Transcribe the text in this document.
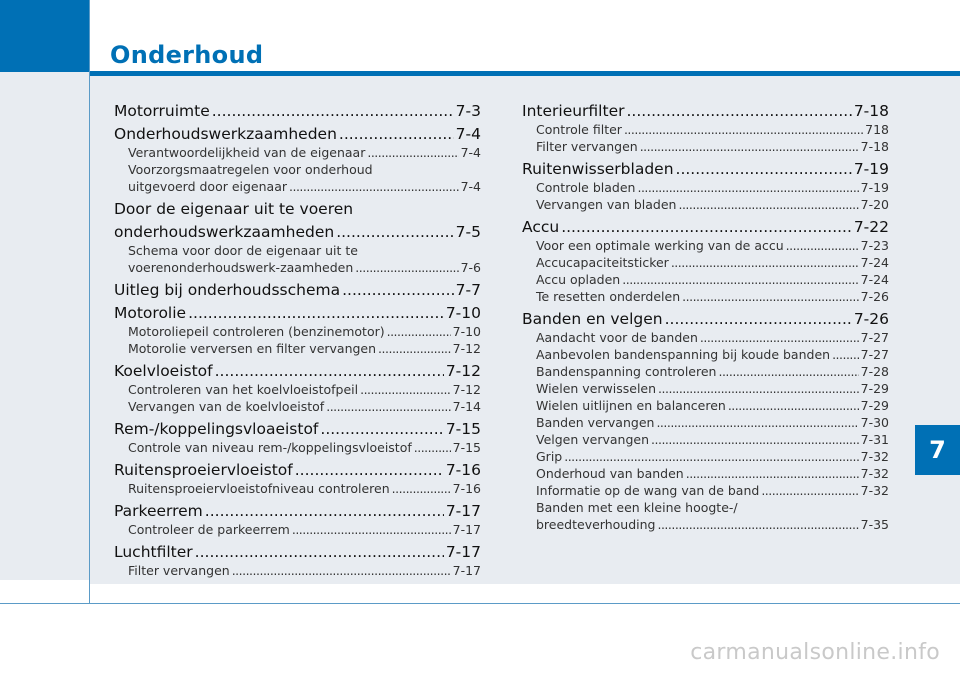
Onderhoud
Motorruimte .....	7-3
Onderhoudswerkzaamheden .....	7-4
Verantwoordelijkheid van de eigenaar .....	7-4
Voorzorgsmaatregelen voor onderhoud
uitgevoerd door eigenaar .....	7-4
Door de eigenaar uit te voeren
onderhoudswerkzaamheden .....	7-5
Schema voor door de eigenaar uit te
voerenonderhoudswerk-zaamheden .....	7-6
Uitleg bij onderhoudsschema .....	7-7
Motorolie .....	7-10
Motoroliepeil controleren (benzinemotor) .....	7-10
Motorolie verversen en filter vervangen .....	7-12
Koelvloeistof .....	7-12
Controleren van het koelvloeistofpeil .....	7-12
Vervangen van de koelvloeistof .....	7-14
Rem-/koppelingsvloaeistof .....	7-15
Controle van niveau rem-/koppelingsvloeistof .....	7-15
Ruitensproeiervloeistof .....	7-16
Ruitensproeiervloeistofniveau controleren .....	7-16
Parkeerrem .....	7-17
Controleer de parkeerrem .....	7-17
Luchtfilter .....	7-17
Filter vervangen .....	7-17
Interieurfilter .....	7-18
Controle filter .....	718
Filter vervangen .....	7-18
Ruitenwisserbladen .....	7-19
Controle bladen .....	7-19
Vervangen van bladen .....	7-20
Accu .....	7-22
Voor een optimale werking van de accu .....	7-23
Accucapaciteitsticker .....	7-24
Accu opladen .....	7-24
Te resetten onderdelen .....	7-26
Banden en velgen .....	7-26
Aandacht voor de banden .....	7-27
Aanbevolen bandenspanning bij koude banden ..... 7-27
Bandenspanning controleren .....	7-28
Wielen verwisselen .....	7-29
Wielen uitlijnen en balanceren .....	7-29
Banden vervangen .....	7-30
Velgen vervangen .....	7-31
Grip .....	7-32
Onderhoud van banden .....	7-32
Informatie op de wang van de band .....	7-32
Banden met een kleine hoogte-/
breedteverhouding .....	7-35
7
carmanualsonline.info
